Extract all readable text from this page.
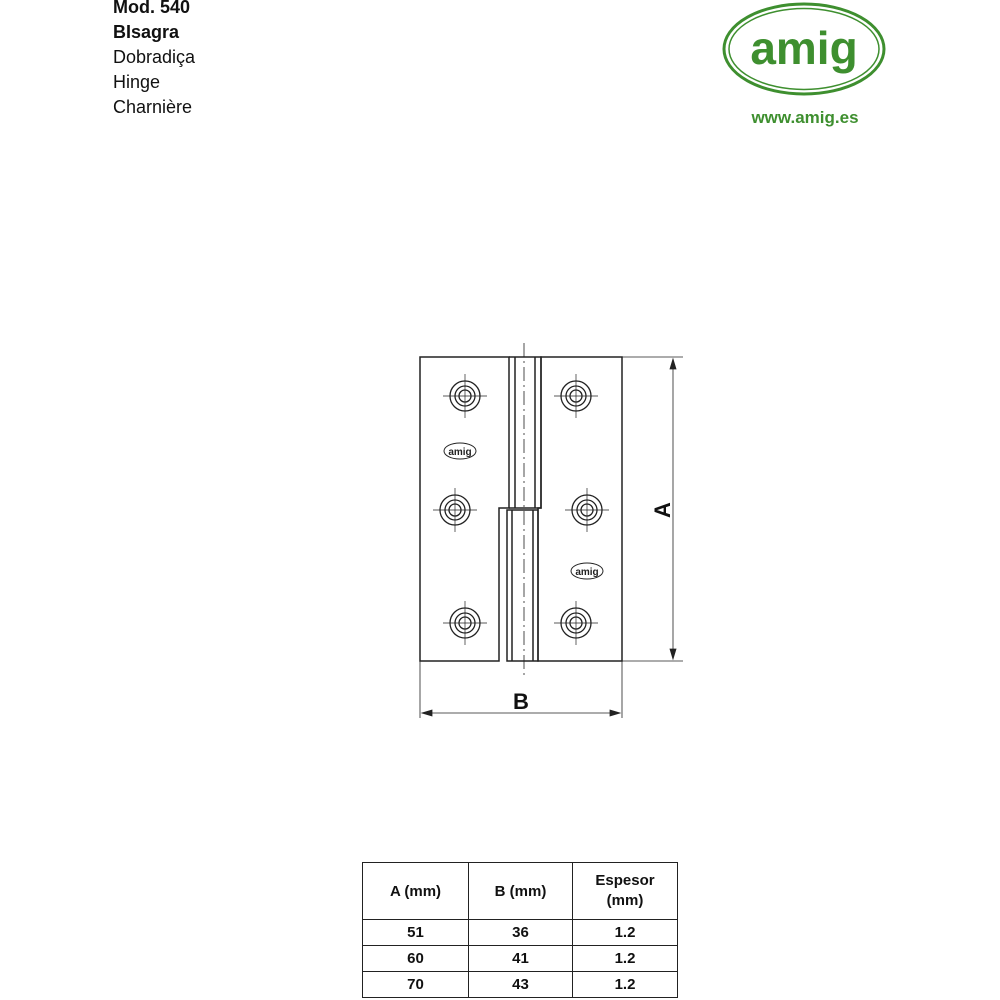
Mod. 540
BIsagra
Dobradiça
Hinge
Charnière
amig
www.amig.es
amig
amig
A
B
A (mm)	B (mm)	Espesor (mm)
51	36	1.2
60	41	1.2
70	43	1.2
